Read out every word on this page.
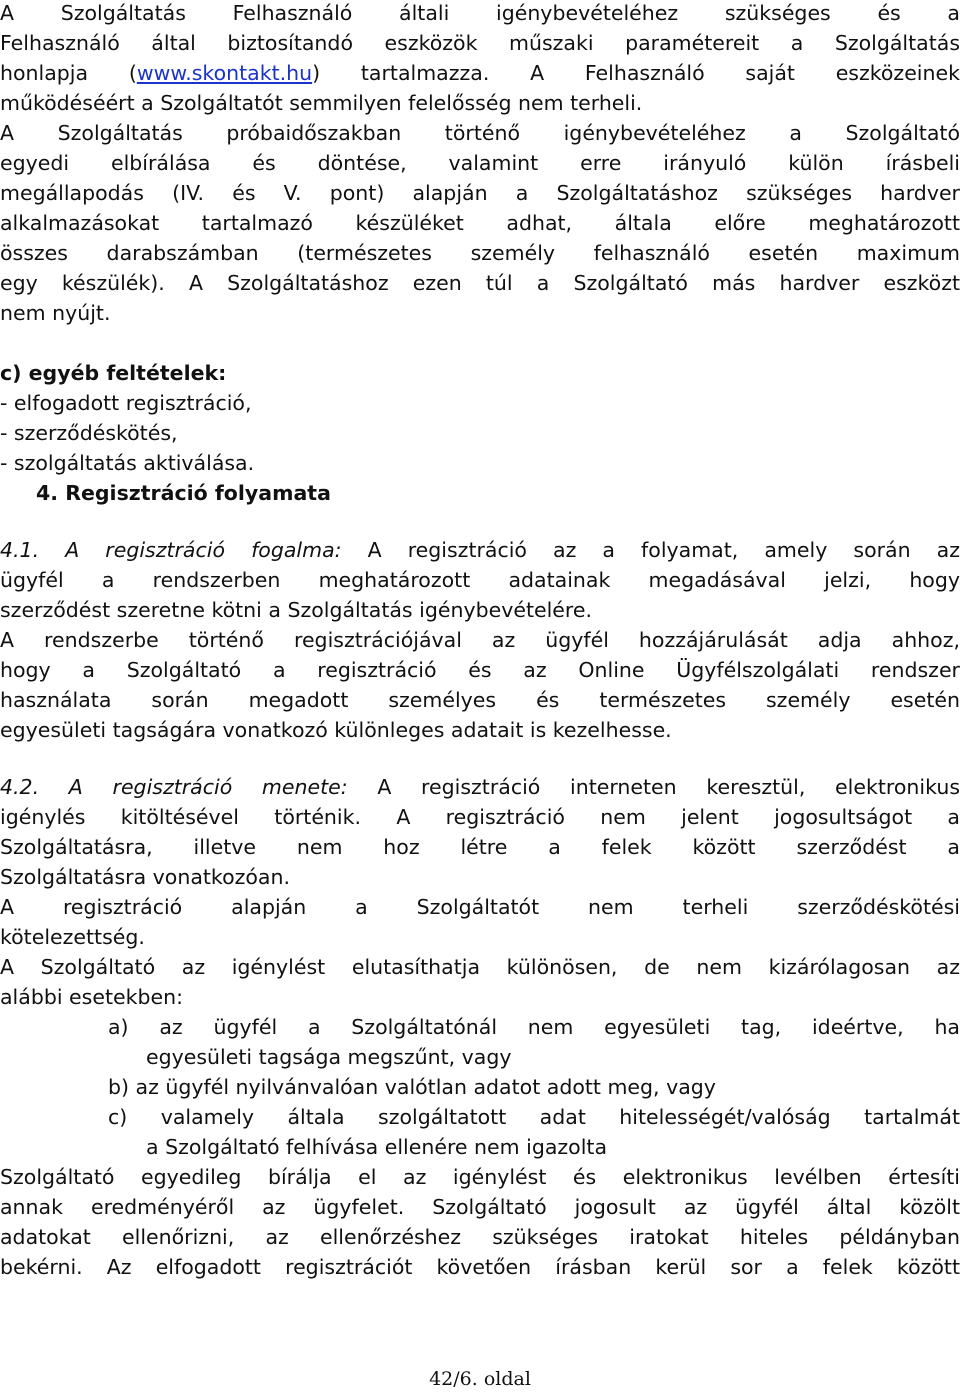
A Szolgáltatás Felhasználó általi igénybevételéhez szükséges és a
Felhasználó által biztosítandó eszközök műszaki paramétereit a Szolgáltatás
honlapja (www.skontakt.hu) tartalmazza. A Felhasználó saját eszközeinek
működéséért a Szolgáltatót semmilyen felelősség nem terheli.
A Szolgáltatás próbaidőszakban történő igénybevételéhez a Szolgáltató
egyedi elbírálása és döntése, valamint erre irányuló külön írásbeli
megállapodás (IV. és V. pont) alapján a Szolgáltatáshoz szükséges hardver
alkalmazásokat tartalmazó készüléket adhat, általa előre meghatározott
összes darabszámban (természetes személy felhasználó esetén maximum
egy készülék). A Szolgáltatáshoz ezen túl a Szolgáltató más hardver eszközt
nem nyújt.
c) egyéb feltételek:
- elfogadott regisztráció,
- szerződéskötés,
- szolgáltatás aktiválása.
4. Regisztráció folyamata
4.1. A regisztráció fogalma: A regisztráció az a folyamat, amely során az
ügyfél a rendszerben meghatározott adatainak megadásával jelzi, hogy
szerződést szeretne kötni a Szolgáltatás igénybevételére.
A rendszerbe történő regisztrációjával az ügyfél hozzájárulását adja ahhoz,
hogy a Szolgáltató a regisztráció és az Online Ügyfélszolgálati rendszer
használata során megadott személyes és természetes személy esetén
egyesületi tagságára vonatkozó különleges adatait is kezelhesse.
4.2. A regisztráció menete: A regisztráció interneten keresztül, elektronikus
igénylés kitöltésével történik. A regisztráció nem jelent jogosultságot a
Szolgáltatásra, illetve nem hoz létre a felek között szerződést a
Szolgáltatásra vonatkozóan.
A regisztráció alapján a Szolgáltatót nem terheli szerződéskötési
kötelezettség.
A Szolgáltató az igénylést elutasíthatja különösen, de nem kizárólagosan az
alábbi esetekben:
a) az ügyfél a Szolgáltatónál nem egyesületi tag, ideértve, ha
egyesületi tagsága megszűnt, vagy
b) az ügyfél nyilvánvalóan valótlan adatot adott meg, vagy
c) valamely általa szolgáltatott adat hitelességét/valóság tartalmát
a Szolgáltató felhívása ellenére nem igazolta
Szolgáltató egyedileg bírálja el az igénylést és elektronikus levélben értesíti
annak eredményéről az ügyfelet. Szolgáltató jogosult az ügyfél által közölt
adatokat ellenőrizni, az ellenőrzéshez szükséges iratokat hiteles példányban
bekérni. Az elfogadott regisztrációt követően írásban kerül sor a felek között
42/6. oldal
